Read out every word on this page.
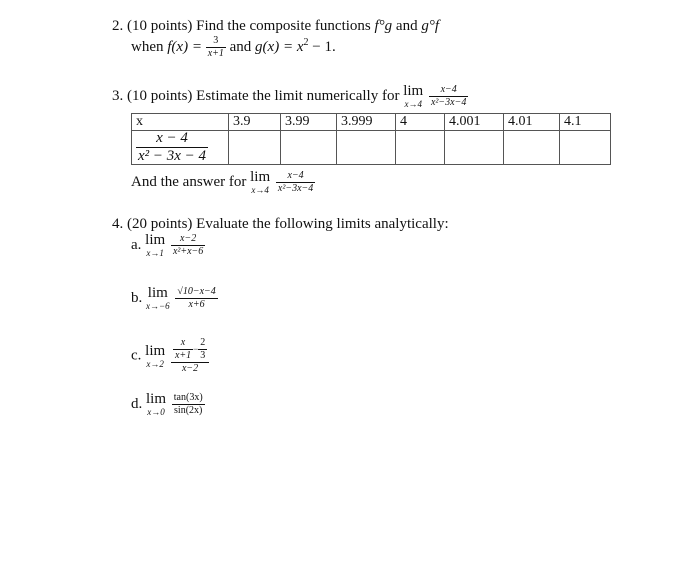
2. (10 points) Find the composite functions f°g and g°f
when $f(x) = \frac{3}{x+1}$ and $g(x) = x^2 - 1$.
3. (10 points) Estimate the limit numerically for lim
x→4
$\frac{x-4}{\text{x²−3x−4}}$
x	3.9	3.99	3.999	4	4.001	4.01	4.1

$\frac{x - 4}{\text{x² − 3x − 4}}$

And the answer for lim
x→4
$\frac{x-4}{\text{x²−3x−4}}$
4. (20 points) Evaluate the following limits analytically:
a. lim
x→1
$\frac{x-2}{\text{x²+x−6}}$
b. lim
x→−6
$\frac{√10-x-4}{x+6}$
c. lim
x→2
$\frac{\frac{x}{x+1} - \frac{2}{3}}{x-2}$
d. lim
x→0
$\frac{\tan(3x)}{\sin(2x)}$
